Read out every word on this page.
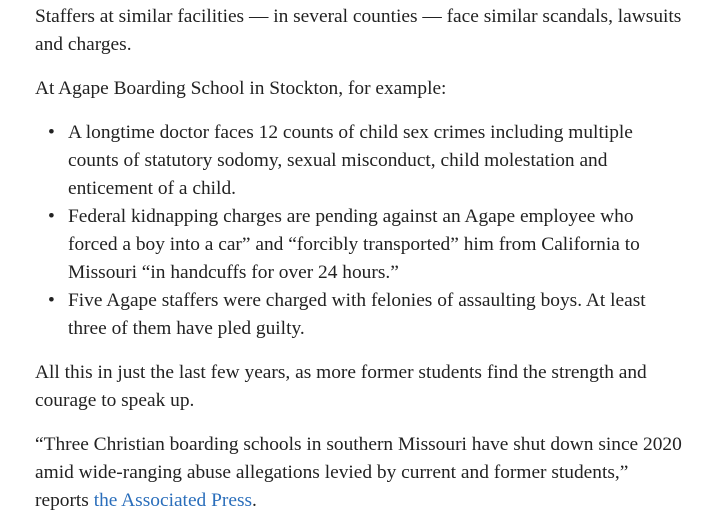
Staffers at similar facilities — in several counties — face similar scandals, lawsuits and charges.

At Agape Boarding School in Stockton, for example:

• A longtime doctor faces 12 counts of child sex crimes including multiple counts of statutory sodomy, sexual misconduct, child molestation and enticement of a child.
• Federal kidnapping charges are pending against an Agape employee who forced a boy into a car” and “forcibly transported” him from California to Missouri “in handcuffs for over 24 hours.”
• Five Agape staffers were charged with felonies of assaulting boys. At least three of them have pled guilty.

All this in just the last few years, as more former students find the strength and courage to speak up.

“Three Christian boarding schools in southern Missouri have shut down since 2020 amid wide-ranging abuse allegations levied by current and former students,” reports the Associated Press.
